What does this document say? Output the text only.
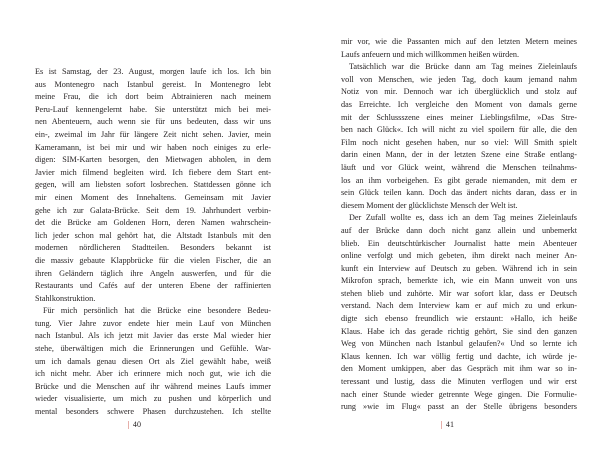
Es ist Samstag, der 23. August, morgen laufe ich los. Ich bin
aus Montenegro nach Istanbul gereist. In Montenegro lebt
meine Frau, die ich dort beim Abtrainieren nach meinem
Peru-Lauf kennengelernt habe. Sie unterstützt mich bei mei-
nen Abenteuern, auch wenn sie für uns bedeuten, dass wir uns
ein-, zweimal im Jahr für längere Zeit nicht sehen. Javier, mein
Kameramann, ist bei mir und wir haben noch einiges zu erle-
digen: SIM-Karten besorgen, den Mietwagen abholen, in dem
Javier mich filmend begleiten wird. Ich fiebere dem Start ent-
gegen, will am liebsten sofort losbrechen. Stattdessen gönne ich
mir einen Moment des Innehaltens. Gemeinsam mit Javier
gehe ich zur Galata-Brücke. Seit dem 19. Jahrhundert verbin-
det die Brücke am Goldenen Horn, deren Namen wahrschein-
lich jeder schon mal gehört hat, die Altstadt Istanbuls mit den
modernen nördlicheren Stadtteilen. Besonders bekannt ist
die massiv gebaute Klappbrücke für die vielen Fischer, die an
ihren Geländern täglich ihre Angeln auswerfen, und für die
Restaurants und Cafés auf der unteren Ebene der raffinierten
Stahlkonstruktion.
Für mich persönlich hat die Brücke eine besondere Bedeu-
tung. Vier Jahre zuvor endete hier mein Lauf von München
nach Istanbul. Als ich jetzt mit Javier das erste Mal wieder hier
stehe, überwältigen mich die Erinnerungen und Gefühle. War-
um ich damals genau diesen Ort als Ziel gewählt habe, weiß
ich nicht mehr. Aber ich erinnere mich noch gut, wie ich die
Brücke und die Menschen auf ihr während meines Laufs immer
wieder visualisierte, um mich zu pushen und körperlich und
mental besonders schwere Phasen durchzustehen. Ich stellte
| 40
mir vor, wie die Passanten mich auf den letzten Metern meines
Laufs anfeuern und mich willkommen heißen würden.
Tatsächlich war die Brücke dann am Tag meines Zieleinlaufs
voll von Menschen, wie jeden Tag, doch kaum jemand nahm
Notiz von mir. Dennoch war ich überglücklich und stolz auf
das Erreichte. Ich vergleiche den Moment von damals gerne
mit der Schlussszene eines meiner Lieblingsfilme, »Das Stre-
ben nach Glück«. Ich will nicht zu viel spoilern für alle, die den
Film noch nicht gesehen haben, nur so viel: Will Smith spielt
darin einen Mann, der in der letzten Szene eine Straße entlang-
läuft und vor Glück weint, während die Menschen teilnahms-
los an ihm vorbeigehen. Es gibt gerade niemanden, mit dem er
sein Glück teilen kann. Doch das ändert nichts daran, dass er in
diesem Moment der glücklichste Mensch der Welt ist.
Der Zufall wollte es, dass ich an dem Tag meines Zieleinlaufs
auf der Brücke dann doch nicht ganz allein und unbemerkt
blieb. Ein deutschtürkischer Journalist hatte mein Abenteuer
online verfolgt und mich gebeten, ihm direkt nach meiner An-
kunft ein Interview auf Deutsch zu geben. Während ich in sein
Mikrofon sprach, bemerkte ich, wie ein Mann unweit von uns
stehen blieb und zuhörte. Mir war sofort klar, dass er Deutsch
verstand. Nach dem Interview kam er auf mich zu und erkun-
digte sich ebenso freundlich wie erstaunt: »Hallo, ich heiße
Klaus. Habe ich das gerade richtig gehört, Sie sind den ganzen
Weg von München nach Istanbul gelaufen?« Und so lernte ich
Klaus kennen. Ich war völlig fertig und dachte, ich würde je-
den Moment umkippen, aber das Gespräch mit ihm war so in-
teressant und lustig, dass die Minuten verflogen und wir erst
nach einer Stunde wieder getrennte Wege gingen. Die Formulie-
rung »wie im Flug« passt an der Stelle übrigens besonders
| 41
